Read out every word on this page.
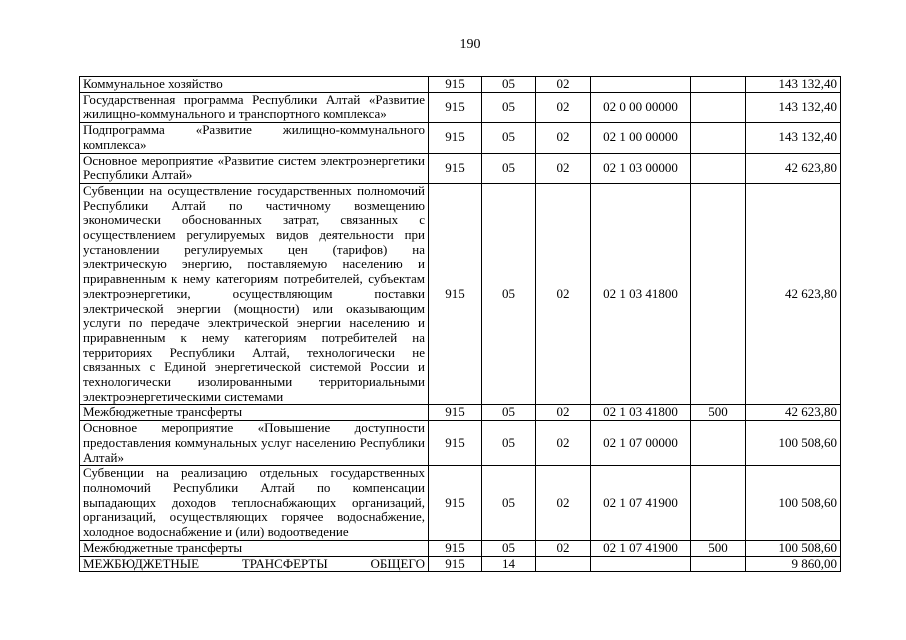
190
Коммунальное хозяйство	915	05	02			143 132,40
Государственная программа Республики Алтай «Развитие жилищно-коммунального и транспортного комплекса»	915	05	02	02 0 00 00000		143 132,40
Подпрограмма «Развитие жилищно-коммунального комплекса»	915	05	02	02 1 00 00000		143 132,40
Основное мероприятие «Развитие систем электроэнергетики Республики Алтай»	915	05	02	02 1 03 00000		42 623,80
Субвенции на осуществление государственных полномочий Республики Алтай по частичному возмещению экономически обоснованных затрат, связанных с осуществлением регулируемых видов деятельности при установлении регулируемых цен (тарифов) на электрическую энергию, поставляемую населению и приравненным к нему категориям потребителей, субъектам электроэнергетики, осуществляющим поставки электрической энергии (мощности) или оказывающим услуги по передаче электрической энергии населению и приравненным к нему категориям потребителей на территориях Республики Алтай, технологически не связанных с Единой энергетической системой России и технологически изолированными территориальными электроэнергетическими системами	915	05	02	02 1 03 41800		42 623,80
Межбюджетные трансферты	915	05	02	02 1 03 41800	500	42 623,80
Основное мероприятие «Повышение доступности предоставления коммунальных услуг населению Республики Алтай»	915	05	02	02 1 07 00000		100 508,60
Субвенции на реализацию отдельных государственных полномочий Республики Алтай по компенсации выпадающих доходов теплоснабжающих организаций, организаций, осуществляющих горячее водоснабжение, холодное водоснабжение и (или) водоотведение	915	05	02	02 1 07 41900		100 508,60
Межбюджетные трансферты	915	05	02	02 1 07 41900	500	100 508,60
МЕЖБЮДЖЕТНЫЕ ТРАНСФЕРТЫ ОБЩЕГО	915	14				9 860,00
